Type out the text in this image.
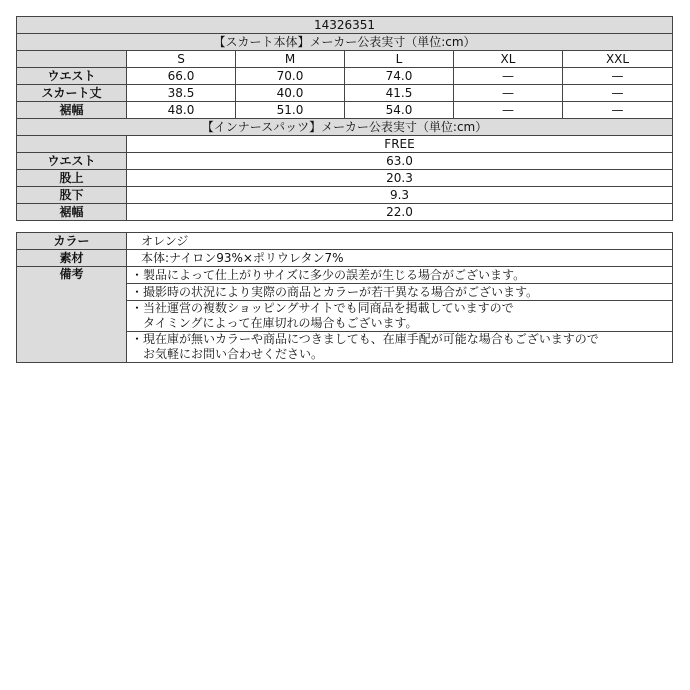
14326351					
【スカート本体】メーカー公表実寸（単位:cm）					
	S	M	L	XL	XXL
ウエスト	66.0	70.0	74.0	—	—
スカート丈	38.5	40.0	41.5	—	—
裾幅	48.0	51.0	54.0	—	—
【インナースパッツ】メーカー公表実寸（単位:cm）					
	FREE				
ウエスト	63.0				
股上	20.3				
股下	9.3				
裾幅	22.0				
カラー	オレンジ
素材	本体:ナイロン93%×ポリウレタン7%
備考	・製品によって仕上がりサイズに多少の誤差が生じる場合がございます。

	・撮影時の状況により実際の商品とカラーが若干異なる場合がございます。

	・当社運営の複数ショッピングサイトでも同商品を掲載していますので
　タイミングによって在庫切れの場合もございます。

	・現在庫が無いカラーや商品につきましても、在庫手配が可能な場合もございますので
　お気軽にお問い合わせください。
